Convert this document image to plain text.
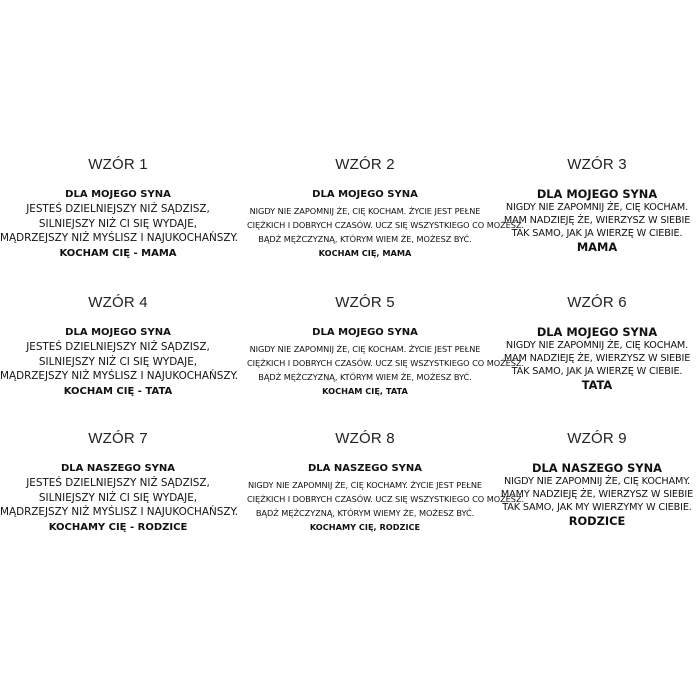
WZÓR 1
DLA MOJEGO SYNA
JESTEŚ DZIELNIEJSZY NIŻ SĄDZISZ,
SILNIEJSZY NIŻ CI SIĘ WYDAJE,
MĄDRZEJSZY NIŻ MYŚLISZ I NAJUKOCHAŃSZY.
KOCHAM CIĘ - MAMA
WZÓR 2
DLA MOJEGO SYNA
NIGDY NIE ZAPOMNIJ ŻE, CIĘ KOCHAM. ŻYCIE JEST PEŁNE
CIĘŻKICH I DOBRYCH CZASÓW. UCZ SIĘ WSZYSTKIEGO CO MOŻESZ.
BĄDŹ MĘŻCZYZNĄ, KTÓRYM WIEM ŻE, MOŻESZ BYĆ.
KOCHAM CIĘ, MAMA
WZÓR 3
DLA MOJEGO SYNA
NIGDY NIE ZAPOMNIJ ŻE, CIĘ KOCHAM.
MAM NADZIEJĘ ŻE, WIERZYSZ W SIEBIE
TAK SAMO, JAK JA WIERZĘ W CIEBIE.
MAMA
WZÓR 4
DLA MOJEGO SYNA
JESTEŚ DZIELNIEJSZY NIŻ SĄDZISZ,
SILNIEJSZY NIŻ CI SIĘ WYDAJE,
MĄDRZEJSZY NIŻ MYŚLISZ I NAJUKOCHAŃSZY.
KOCHAM CIĘ - TATA
WZÓR 5
DLA MOJEGO SYNA
NIGDY NIE ZAPOMNIJ ŻE, CIĘ KOCHAM. ŻYCIE JEST PEŁNE
CIĘŻKICH I DOBRYCH CZASÓW. UCZ SIĘ WSZYSTKIEGO CO MOŻESZ.
BĄDŹ MĘŻCZYZNĄ, KTÓRYM WIEM ŻE, MOŻESZ BYĆ.
KOCHAM CIĘ, TATA
WZÓR 6
DLA MOJEGO SYNA
NIGDY NIE ZAPOMNIJ ŻE, CIĘ KOCHAM.
MAM NADZIEJĘ ŻE, WIERZYSZ W SIEBIE
TAK SAMO, JAK JA WIERZĘ W CIEBIE.
TATA
WZÓR 7
DLA NASZEGO SYNA
JESTEŚ DZIELNIEJSZY NIŻ SĄDZISZ,
SILNIEJSZY NIŻ CI SIĘ WYDAJE,
MĄDRZEJSZY NIŻ MYŚLISZ I NAJUKOCHAŃSZY.
KOCHAMY CIĘ - RODZICE
WZÓR 8
DLA NASZEGO SYNA
NIGDY NIE ZAPOMNIJ ŻE, CIĘ KOCHAMY. ŻYCIE JEST PEŁNE
CIĘŻKICH I DOBRYCH CZASÓW. UCZ SIĘ WSZYSTKIEGO CO MOŻESZ.
BĄDŹ MĘŻCZYZNĄ, KTÓRYM WIEMY ŻE, MOŻESZ BYĆ.
KOCHAMY CIĘ, RODZICE
WZÓR 9
DLA NASZEGO SYNA
NIGDY NIE ZAPOMNIJ ŻE, CIĘ KOCHAMY.
MAMY NADZIEJĘ ŻE, WIERZYSZ W SIEBIE
TAK SAMO, JAK MY WIERZYMY W CIEBIE.
RODZICE
